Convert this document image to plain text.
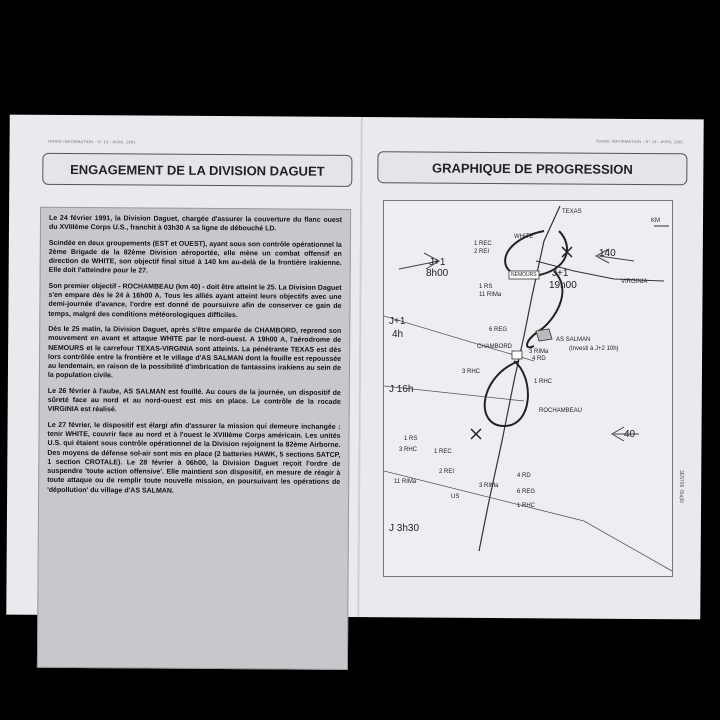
TERRE INFORMATION - N° 19 - AVRIL 1991	TERRE INFORMATION - N° 19 - AVRIL 1991
ENGAGEMENT DE LA DIVISION DAGUET	GRAPHIQUE DE PROGRESSION

Le 24 février 1991, la Division Daguet, chargée d'assurer la couverture du flanc ouest du XVIIIème Corps U.S., franchit à 03h30 A sa ligne de débouché LD.

Scindée en deux groupements (EST et OUEST), ayant sous son contrôle opérationnel la 2ème Brigade de la 82ème Division aéroportée, elle mène un combat offensif en direction de WHITE, son objectif final situé à 140 km au-delà de la frontière irakienne. Elle doit l'atteindre pour le 27.

Son premier objectif - ROCHAMBEAU (km 40) - doit être atteint le 25. La Division Daguet s'en empare dès le 24 à 16h00 A. Tous les alliés ayant atteint leurs objectifs avec une demi-journée d'avance, l'ordre est donné de poursuivre afin de conserver ce gain de temps, malgré des conditions météorologiques difficiles.

Dès le 25 matin, la Division Daguet, après s'être emparée de CHAMBORD, reprend son mouvement en avant et attaque WHITE par le nord-ouest. A 19h00 A, l'aérodrome de NEMOURS et le carrefour TEXAS-VIRGINIA sont atteints. La pénétrante TEXAS est dès lors contrôlée entre la frontière et le village d'AS SALMAN dont la fouille est repoussée au lendemain, en raison de la possibilité d'imbrication de fantassins irakiens au sein de la population civile.

Le 26 février à l'aube, AS SALMAN est fouillé. Au cours de la journée, un dispositif de sûreté face au nord et au nord-ouest est mis en place. Le contrôle de la rocade VIRGINIA est réalisé.

Le 27 février, le dispositif est élargi afin d'assurer la mission qui demeure inchangée : tenir WHITE, couvrir face au nord et à l'ouest le XVIIIème Corps américain. Les unités U.S. qui étaient sous contrôle opérationnel de la Division rejoignent la 82ème Airborne. Des moyens de défense sol-air sont mis en place (2 batteries HAWK, 5 sections SATCP, 1 section CROTALE). Le 28 février à 06h00, la Division Daguet reçoit l'ordre de suspendre 'toute action offensive'. Elle maintient son dispositif, en mesure de réagir à toute attaque ou de remplir toute nouvelle mission, en poursuivant les opérations de 'dépollution' du village d'AS SALMAN.

TEXAS
KM
WHITE
1 REC
2 REI
NEMOURS
J+1
8h00	J+1
19h00
140
VIRGINIA
1 RS
11 RIMa
J+1
4h	6 REG
AS SALMAN
(Investi à J+2 10h)
CHAMBORD
3 RIMa
4 RD
3 RHC
1 RHC
J 16h
ROCHAMBEAU
40
1 RS
3 RHC	1 REC
2 REI
11 RIMa
3 RIMa
US
4 RD
6 REG
1 RHC
J 3h30
3E5706 -5Ia)9i
